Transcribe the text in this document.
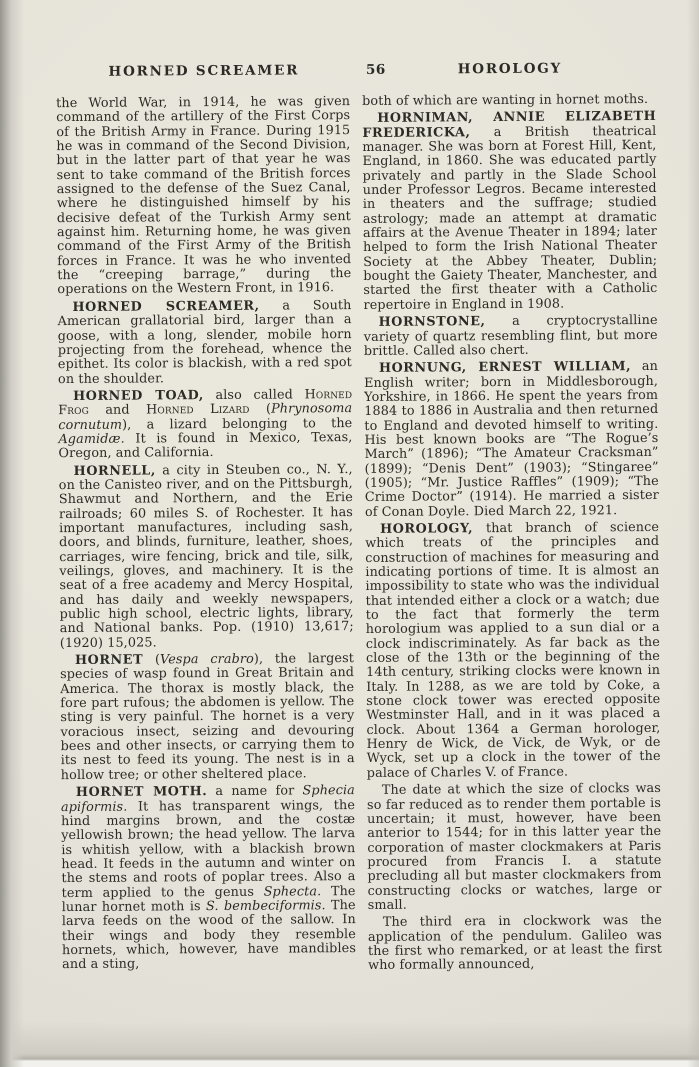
HORNED SCREAMER	56	HOROLOGY

the World War, in 1914, he was given command of the artillery of the First Corps of the British Army in France. During 1915 he was in command of the Second Division, but in the latter part of that year he was sent to take command of the British forces assigned to the defense of the Suez Canal, where he distinguished himself by his decisive defeat of the Turkish Army sent against him. Returning home, he was given command of the First Army of the British forces in France. It was he who invented the “creeping barrage,” during the operations on the Western Front, in 1916.

HORNED SCREAMER, a South American grallatorial bird, larger than a goose, with a long, slender, mobile horn projecting from the forehead, whence the epithet. Its color is blackish, with a red spot on the shoulder.

HORNED TOAD, also called Horned Frog and Horned Lizard (Phrynosoma cornutum), a lizard belonging to the Agamidæ. It is found in Mexico, Texas, Oregon, and California.

HORNELL, a city in Steuben co., N. Y., on the Canisteo river, and on the Pittsburgh, Shawmut and Northern, and the Erie railroads; 60 miles S. of Rochester. It has important manufactures, including sash, doors, and blinds, furniture, leather, shoes, carriages, wire fencing, brick and tile, silk, veilings, gloves, and machinery. It is the seat of a free academy and Mercy Hospital, and has daily and weekly newspapers, public high school, electric lights, library, and National banks. Pop. (1910) 13,617; (1920) 15,025.

HORNET (Vespa crabro), the largest species of wasp found in Great Britain and America. The thorax is mostly black, the fore part rufous; the abdomen is yellow. The sting is very painful. The hornet is a very voracious insect, seizing and devouring bees and other insects, or carrying them to its nest to feed its young. The nest is in a hollow tree; or other sheltered place.

HORNET MOTH. a name for Sphecia apiformis. It has transparent wings, the hind margins brown, and the costæ yellowish brown; the head yellow. The larva is whitish yellow, with a blackish brown head. It feeds in the autumn and winter on the stems and roots of poplar trees. Also a term applied to the genus Sphecta. The lunar hornet moth is S. bembeciformis. The larva feeds on the wood of the sallow. In their wings and body they resemble hornets, which, however, have mandibles and a sting,

both of which are wanting in hornet moths.

HORNIMAN, ANNIE ELIZABETH FREDERICKA, a British theatrical manager. She was born at Forest Hill, Kent, England, in 1860. She was educated partly privately and partly in the Slade School under Professor Legros. Became interested in theaters and the suffrage; studied astrology; made an attempt at dramatic affairs at the Avenue Theater in 1894; later helped to form the Irish National Theater Society at the Abbey Theater, Dublin; bought the Gaiety Theater, Manchester, and started the first theater with a Catholic repertoire in England in 1908.

HORNSTONE, a cryptocrystalline variety of quartz resembling flint, but more brittle. Called also chert.

HORNUNG, ERNEST WILLIAM, an English writer; born in Middlesborough, Yorkshire, in 1866. He spent the years from 1884 to 1886 in Australia and then returned to England and devoted himself to writing. His best known books are “The Rogue’s March” (1896); “The Amateur Cracksman” (1899); “Denis Dent” (1903); “Stingaree” (1905); “Mr. Justice Raffles” (1909); “The Crime Doctor” (1914). He married a sister of Conan Doyle. Died March 22, 1921.

HOROLOGY, that branch of science which treats of the principles and construction of machines for measuring and indicating portions of time. It is almost an impossibility to state who was the individual that intended either a clock or a watch; due to the fact that formerly the term horologium was applied to a sun dial or a clock indiscriminately. As far back as the close of the 13th or the beginning of the 14th century, striking clocks were known in Italy. In 1288, as we are told by Coke, a stone clock tower was erected opposite Westminster Hall, and in it was placed a clock. About 1364 a German horologer, Henry de Wick, de Vick, de Wyk, or de Wyck, set up a clock in the tower of the palace of Charles V. of France.

The date at which the size of clocks was so far reduced as to render them portable is uncertain; it must, however, have been anterior to 1544; for in this latter year the corporation of master clockmakers at Paris procured from Francis I. a statute precluding all but master clockmakers from constructing clocks or watches, large or small.

The third era in clockwork was the application of the pendulum. Galileo was the first who remarked, or at least the first who formally announced,
